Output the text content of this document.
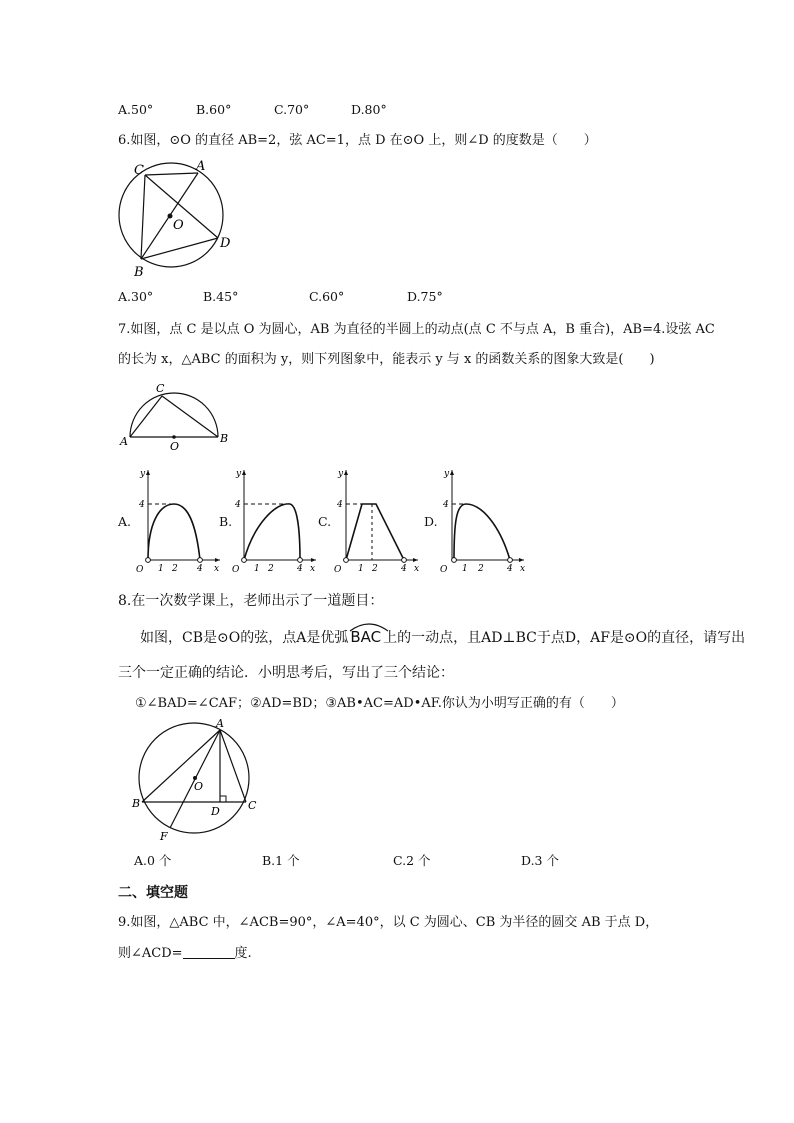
A.50°	B.60°	C.70°	D.80°
6.如图，⊙O 的直径 AB=2，弦 AC=1，点 D 在⊙O 上，则∠D 的度数是（　　）
C	A
O
D
B
A.30°	B.45°	C.60°	D.75°
7.如图，点 C 是以点 O 为圆心，AB 为直径的半圆上的动点(点 C 不与点 A，B 重合)，AB=4.设弦 AC
的长为 x，△ABC 的面积为 y，则下列图象中，能表示 y 与 x 的函数关系的图象大致是(　　)
C
A	B
O
A.	B.	C.	D.
y
4
O 1 2 4 x
y
4
O 1 2	4 x
y
4
O 1 2	4 x
y
4
O 1 2	4 x
8.在一次数学课上，老师出示了一道题目：
如图，CB是⊙O的弦，点A是优弧 BAC 上的一动点，且AD⊥BC于点D，AF是⊙O的直径，请写出
三个一定正确的结论．小明思考后，写出了三个结论：
①∠BAD=∠CAF；②AD=BD；③AB•AC=AD•AF.你认为小明写正确的有（　　）
A
B	C
D
F
O
A.0 个	B.1 个	C.2 个	D.3 个
二、填空题
9.如图，△ABC 中，∠ACB=90°，∠A=40°，以 C 为圆心、CB 为半径的圆交 AB 于点 D，
则∠ACD=	度.
